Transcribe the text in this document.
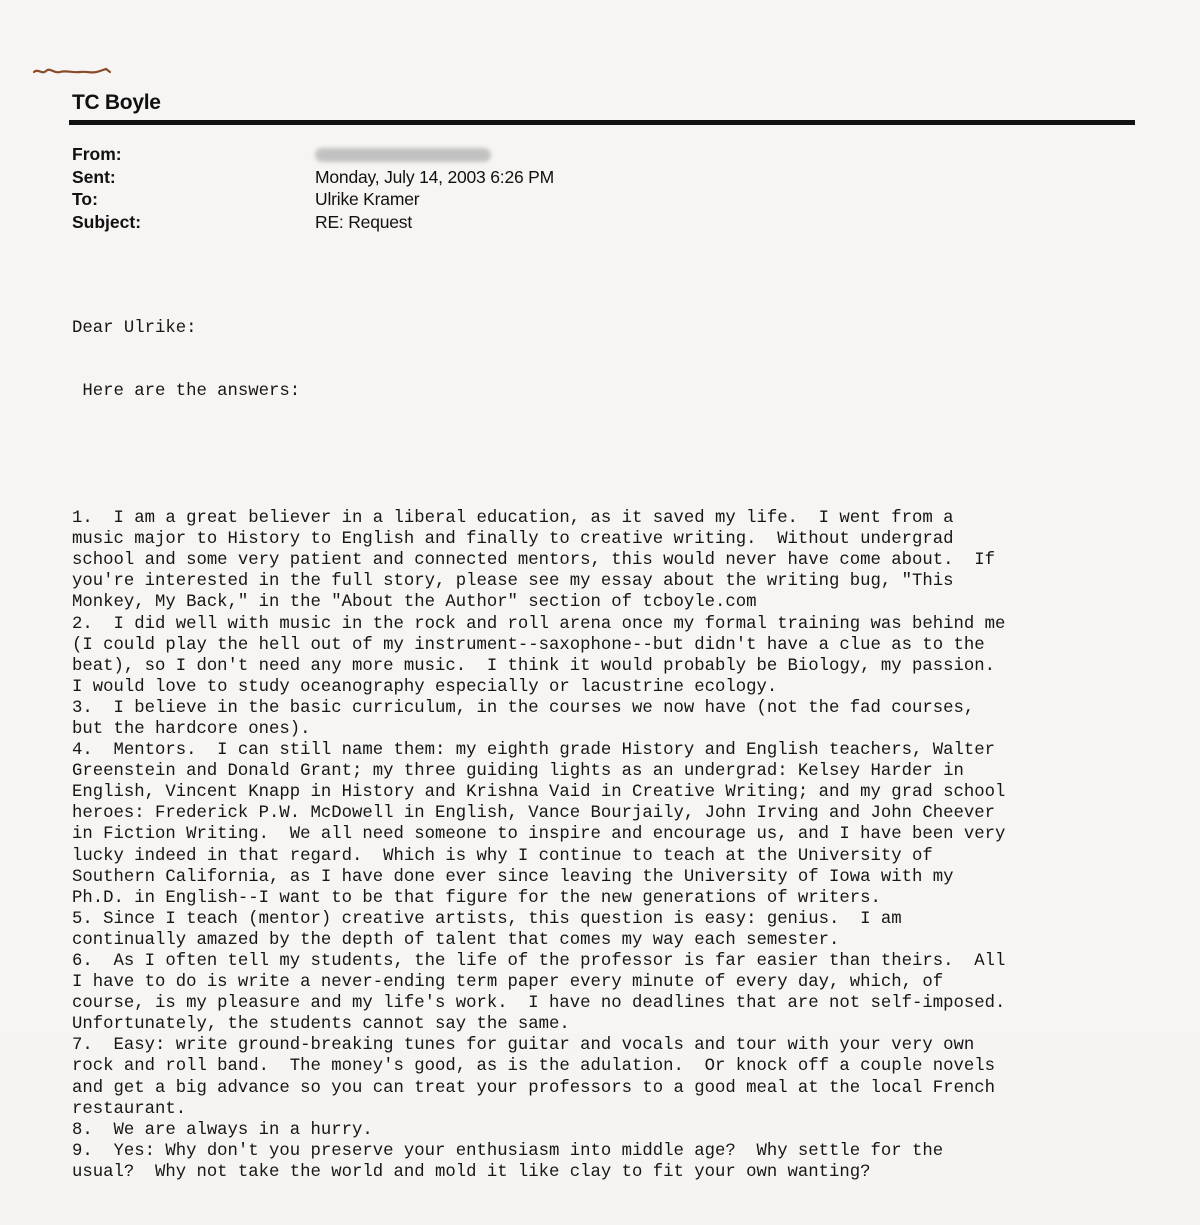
TC Boyle
From:
Sent:	Monday, July 14, 2003 6:26 PM
To:	Ulrike Kramer
Subject:	RE: Request

Dear Ulrike:

Here are the answers:

1.  I am a great believer in a liberal education, as it saved my life.  I went from a
music major to History to English and finally to creative writing.  Without undergrad
school and some very patient and connected mentors, this would never have come about.  If
you're interested in the full story, please see my essay about the writing bug, "This
Monkey, My Back," in the "About the Author" section of tcboyle.com
2.  I did well with music in the rock and roll arena once my formal training was behind me
(I could play the hell out of my instrument--saxophone--but didn't have a clue as to the
beat), so I don't need any more music.  I think it would probably be Biology, my passion.
I would love to study oceanography especially or lacustrine ecology.
3.  I believe in the basic curriculum, in the courses we now have (not the fad courses,
but the hardcore ones).
4.  Mentors.  I can still name them: my eighth grade History and English teachers, Walter
Greenstein and Donald Grant; my three guiding lights as an undergrad: Kelsey Harder in
English, Vincent Knapp in History and Krishna Vaid in Creative Writing; and my grad school
heroes: Frederick P.W. McDowell in English, Vance Bourjaily, John Irving and John Cheever
in Fiction Writing.  We all need someone to inspire and encourage us, and I have been very
lucky indeed in that regard.  Which is why I continue to teach at the University of
Southern California, as I have done ever since leaving the University of Iowa with my
Ph.D. in English--I want to be that figure for the new generations of writers.
5. Since I teach (mentor) creative artists, this question is easy: genius.  I am
continually amazed by the depth of talent that comes my way each semester.
6.  As I often tell my students, the life of the professor is far easier than theirs.  All
I have to do is write a never-ending term paper every minute of every day, which, of
course, is my pleasure and my life's work.  I have no deadlines that are not self-imposed.
Unfortunately, the students cannot say the same.
7.  Easy: write ground-breaking tunes for guitar and vocals and tour with your very own
rock and roll band.  The money's good, as is the adulation.  Or knock off a couple novels
and get a big advance so you can treat your professors to a good meal at the local French
restaurant.
8.  We are always in a hurry.
9.  Yes: Why don't you preserve your enthusiasm into middle age?  Why settle for the
usual?  Why not take the world and mold it like clay to fit your own wanting?
